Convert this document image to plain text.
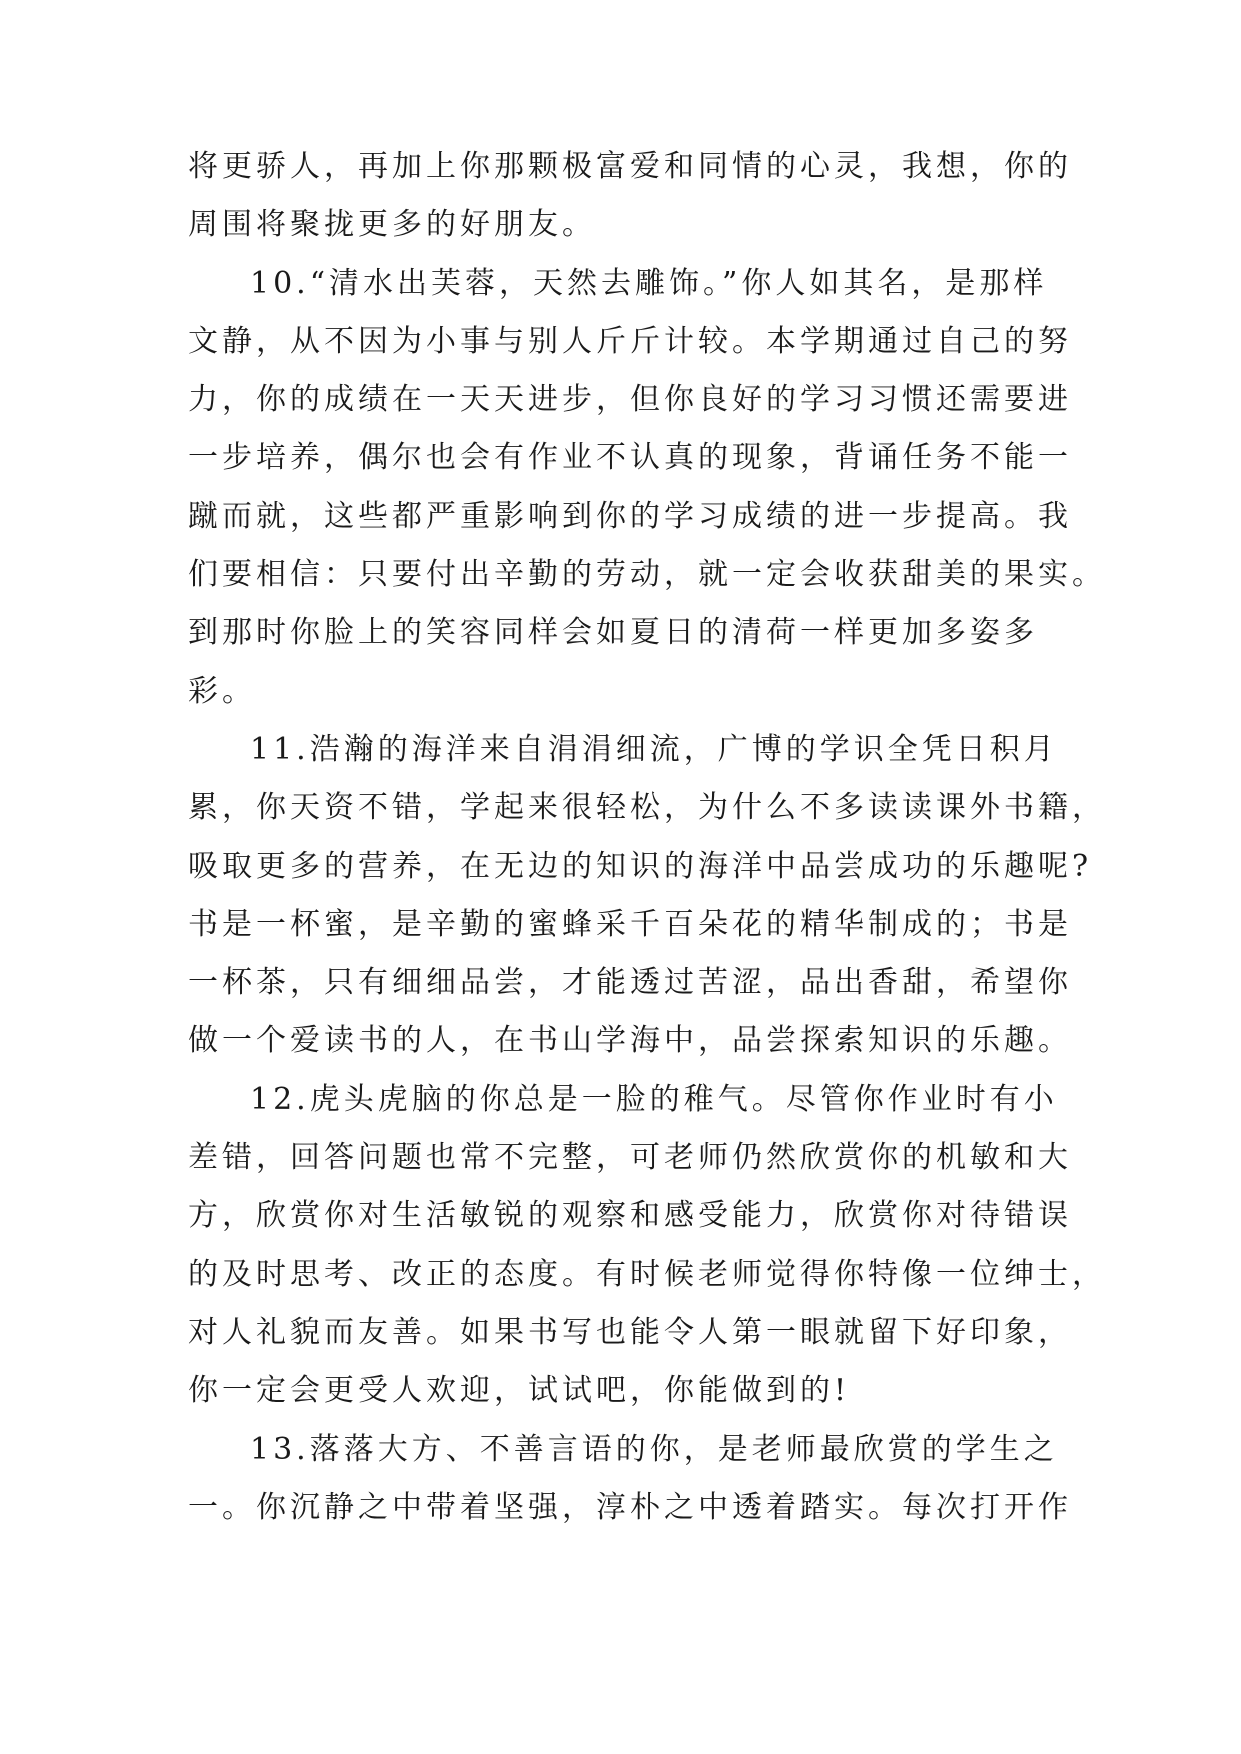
将更骄人，再加上你那颗极富爱和同情的心灵，我想，你的
周围将聚拢更多的好朋友。
10.“清水出芙蓉，天然去雕饰。”你人如其名，是那样
文静，从不因为小事与别人斤斤计较。本学期通过自己的努
力，你的成绩在一天天进步，但你良好的学习习惯还需要进
一步培养，偶尔也会有作业不认真的现象，背诵任务不能一
蹴而就，这些都严重影响到你的学习成绩的进一步提高。我
们要相信：只要付出辛勤的劳动，就一定会收获甜美的果实。
到那时你脸上的笑容同样会如夏日的清荷一样更加多姿多
彩。
11.浩瀚的海洋来自涓涓细流，广博的学识全凭日积月
累，你天资不错，学起来很轻松，为什么不多读读课外书籍，
吸取更多的营养，在无边的知识的海洋中品尝成功的乐趣呢?
书是一杯蜜，是辛勤的蜜蜂采千百朵花的精华制成的；书是
一杯茶，只有细细品尝，才能透过苦涩，品出香甜，希望你
做一个爱读书的人，在书山学海中，品尝探索知识的乐趣。
12.虎头虎脑的你总是一脸的稚气。尽管你作业时有小
差错，回答问题也常不完整，可老师仍然欣赏你的机敏和大
方，欣赏你对生活敏锐的观察和感受能力，欣赏你对待错误
的及时思考、改正的态度。有时候老师觉得你特像一位绅士，
对人礼貌而友善。如果书写也能令人第一眼就留下好印象，
你一定会更受人欢迎，试试吧，你能做到的!
13.落落大方、不善言语的你，是老师最欣赏的学生之
一。你沉静之中带着坚强，淳朴之中透着踏实。每次打开作
